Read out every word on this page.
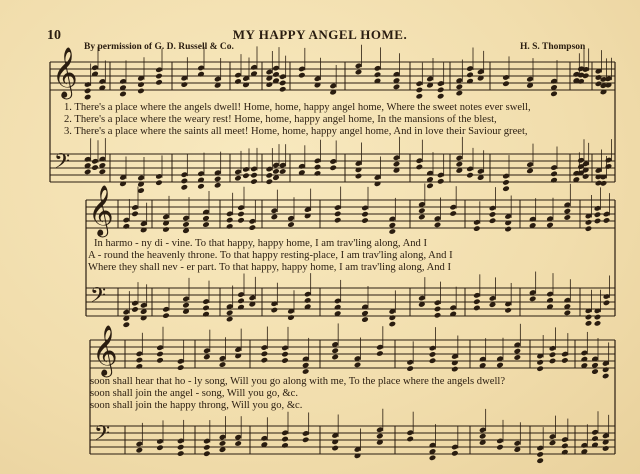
10	MY HAPPY ANGEL HOME.
By permission of G. D. Russell & Co.	H. S. Thompson
𝄞
𝄢
𝄞
𝄢
𝄞
𝄢
1. There's a place where the angels dwell! Home, home, happy angel home, Where the sweet notes ever swell,
2. There's a place where the weary rest! Home, home, happy angel home, In the mansions of the blest,
3. There's a place where the saints all meet! Home, home, happy angel home, And in love their Saviour greet,
In harmo - ny di - vine. To that happy, happy home, I am trav'ling along, And I
A - round the heavenly throne. To that happy resting-place, I am trav'ling along, And I
Where they shall nev - er part. To that happy, happy home, I am trav'ling along, And I
soon shall hear that ho - ly song, Will you go along with me, To the place where the angels dwell?
soon shall join the angel - song, Will you go, &c.
soon shall join the happy throng, Will you go, &c.
